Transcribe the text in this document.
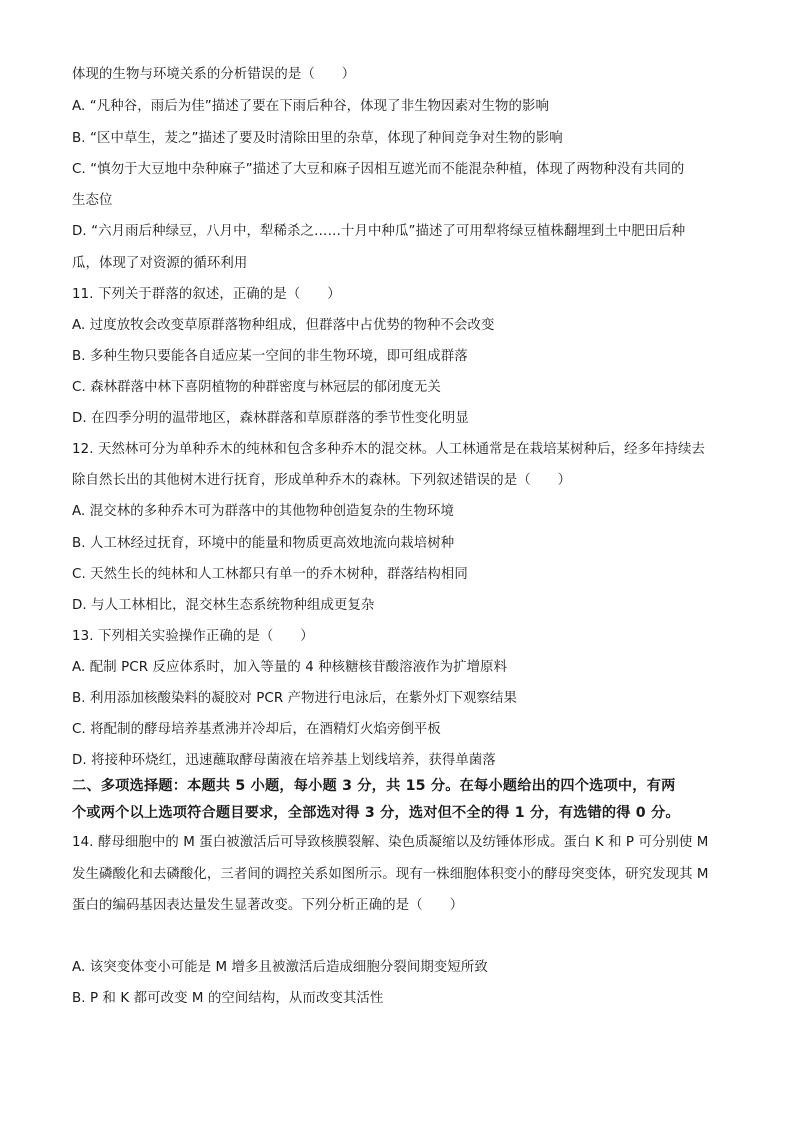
体现的生物与环境关系的分析错误的是（　　）
A. “凡种谷，雨后为佳”描述了要在下雨后种谷，体现了非生物因素对生物的影响
B. “区中草生，茇之”描述了要及时清除田里的杂草，体现了种间竞争对生物的影响
C. “慎勿于大豆地中杂种麻子”描述了大豆和麻子因相互遮光而不能混杂种植，体现了两物种没有共同的
生态位
D. “六月雨后种绿豆，八月中，犁稀杀之……十月中种瓜”描述了可用犁将绿豆植株翻埋到土中肥田后种
瓜，体现了对资源的循环利用
11. 下列关于群落的叙述，正确的是（　　）
A. 过度放牧会改变草原群落物种组成，但群落中占优势的物种不会改变
B. 多种生物只要能各自适应某一空间的非生物环境，即可组成群落
C. 森林群落中林下喜阴植物的种群密度与林冠层的郁闭度无关
D. 在四季分明的温带地区，森林群落和草原群落的季节性变化明显
12. 天然林可分为单种乔木的纯林和包含多种乔木的混交林。人工林通常是在栽培某树种后，经多年持续去
除自然长出的其他树木进行抚育，形成单种乔木的森林。下列叙述错误的是（　　）
A. 混交林的多种乔木可为群落中的其他物种创造复杂的生物环境
B. 人工林经过抚育，环境中的能量和物质更高效地流向栽培树种
C. 天然生长的纯林和人工林都只有单一的乔木树种，群落结构相同
D. 与人工林相比，混交林生态系统物种组成更复杂
13. 下列相关实验操作正确的是（　　）
A. 配制 PCR 反应体系时，加入等量的 4 种核糖核苷酸溶液作为扩增原料
B. 利用添加核酸染料的凝胶对 PCR 产物进行电泳后，在紫外灯下观察结果
C. 将配制的酵母培养基煮沸并冷却后，在酒精灯火焰旁倒平板
D. 将接种环烧红，迅速蘸取酵母菌液在培养基上划线培养，获得单菌落
二、多项选择题：本题共 5 小题，每小题 3 分，共 15 分。在每小题给出的四个选项中，有两
个或两个以上选项符合题目要求，全部选对得 3 分，选对但不全的得 1 分，有选错的得 0 分。
14. 酵母细胞中的 M 蛋白被激活后可导致核膜裂解、染色质凝缩以及纺锤体形成。蛋白 K 和 P 可分别使 M
发生磷酸化和去磷酸化，三者间的调控关系如图所示。现有一株细胞体积变小的酵母突变体，研究发现其 M
蛋白的编码基因表达量发生显著改变。下列分析正确的是（　　）
A. 该突变体变小可能是 M 增多且被激活后造成细胞分裂间期变短所致
B. P 和 K 都可改变 M 的空间结构，从而改变其活性
